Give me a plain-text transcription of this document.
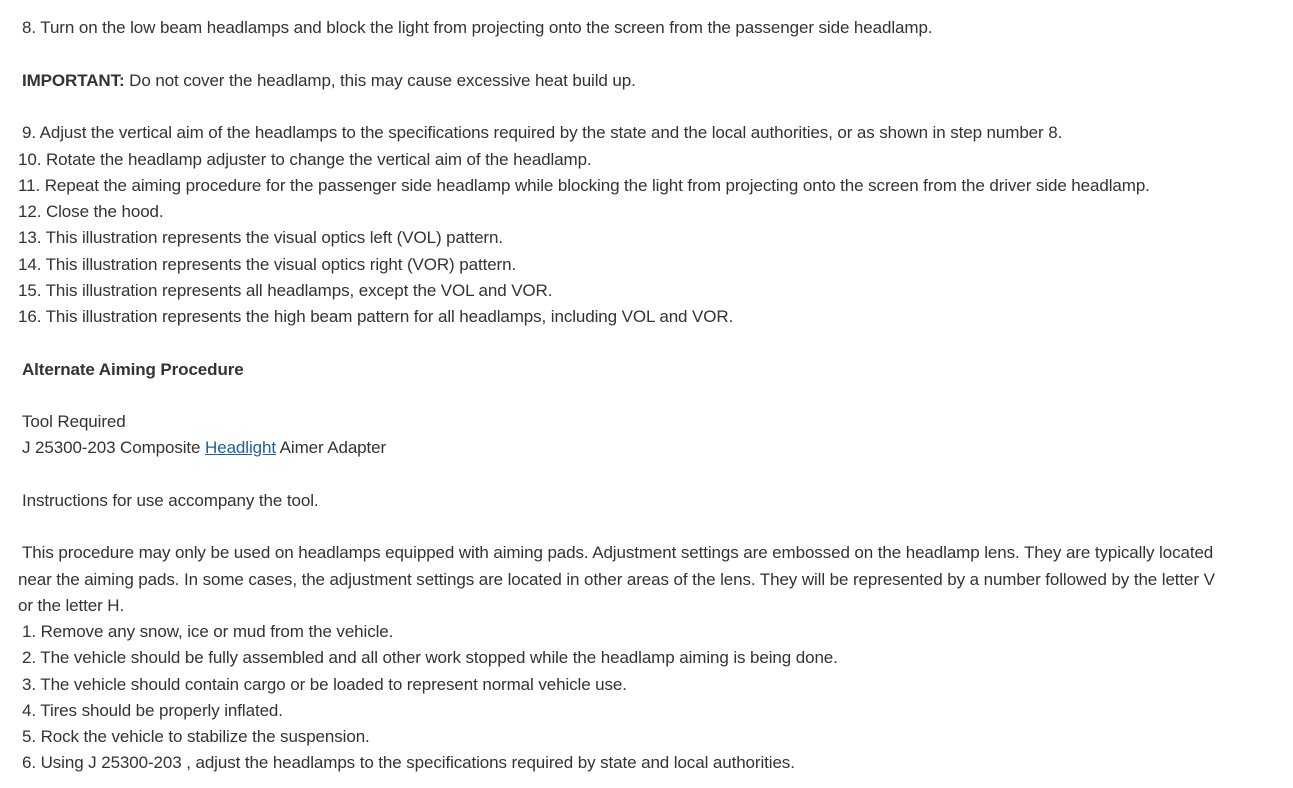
8. Turn on the low beam headlamps and block the light from projecting onto the screen from the passenger side headlamp.
IMPORTANT: Do not cover the headlamp, this may cause excessive heat build up.
9. Adjust the vertical aim of the headlamps to the specifications required by the state and the local authorities, or as shown in step number 8.
10. Rotate the headlamp adjuster to change the vertical aim of the headlamp.
11. Repeat the aiming procedure for the passenger side headlamp while blocking the light from projecting onto the screen from the driver side headlamp.
12. Close the hood.
13. This illustration represents the visual optics left (VOL) pattern.
14. This illustration represents the visual optics right (VOR) pattern.
15. This illustration represents all headlamps, except the VOL and VOR.
16. This illustration represents the high beam pattern for all headlamps, including VOL and VOR.
Alternate Aiming Procedure
Tool Required
J 25300-203 Composite Headlight Aimer Adapter
Instructions for use accompany the tool.
This procedure may only be used on headlamps equipped with aiming pads. Adjustment settings are embossed on the headlamp lens. They are typically located
near the aiming pads. In some cases, the adjustment settings are located in other areas of the lens. They will be represented by a number followed by the letter V
or the letter H.
1. Remove any snow, ice or mud from the vehicle.
2. The vehicle should be fully assembled and all other work stopped while the headlamp aiming is being done.
3. The vehicle should contain cargo or be loaded to represent normal vehicle use.
4. Tires should be properly inflated.
5. Rock the vehicle to stabilize the suspension.
6. Using J 25300-203 , adjust the headlamps to the specifications required by state and local authorities.
